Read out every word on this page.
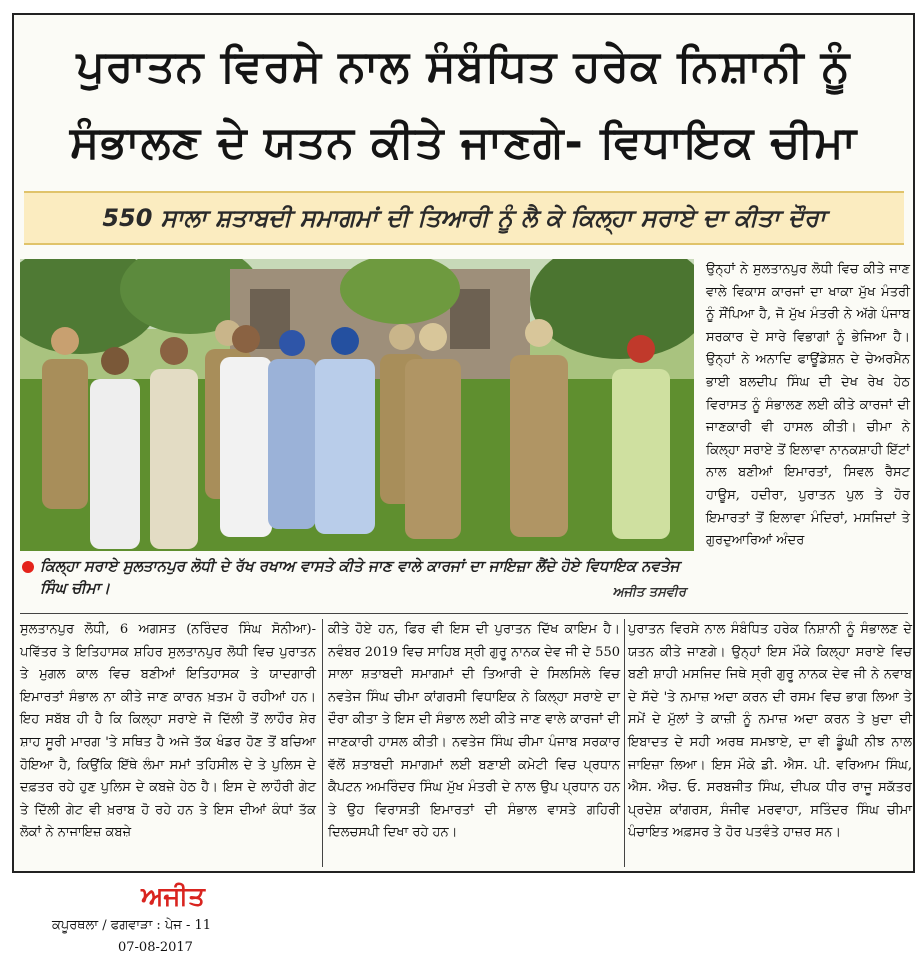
ਪੁਰਾਤਨ ਵਿਰਸੇ ਨਾਲ ਸੰਬੰਧਿਤ ਹਰੇਕ ਨਿਸ਼ਾਨੀ ਨੂੰ
ਸੰਭਾਲਣ ਦੇ ਯਤਨ ਕੀਤੇ ਜਾਣਗੇ- ਵਿਧਾਇਕ ਚੀਮਾ
550 ਸਾਲਾ ਸ਼ਤਾਬਦੀ ਸਮਾਗਮਾਂ ਦੀ ਤਿਆਰੀ ਨੂੰ ਲੈ ਕੇ ਕਿਲ੍ਹਾ ਸਰਾਏ ਦਾ ਕੀਤਾ ਦੌਰਾ
ਕਿਲ੍ਹਾ ਸਰਾਏ ਸੁਲਤਾਨਪੁਰ ਲੋਧੀ ਦੇ ਰੱਖ ਰਖਾਅ ਵਾਸਤੇ ਕੀਤੇ ਜਾਣ ਵਾਲੇ ਕਾਰਜਾਂ ਦਾ ਜਾਇਜ਼ਾ ਲੈਂਦੇ ਹੋਏ ਵਿਧਾਇਕ ਨਵਤੇਜ ਸਿੰਘ ਚੀਮਾ।	ਅਜੀਤ ਤਸਵੀਰ
ਉਨ੍ਹਾਂ ਨੇ ਸੁਲਤਾਨਪੁਰ ਲੋਧੀ ਵਿਚ ਕੀਤੇ ਜਾਣ ਵਾਲੇ ਵਿਕਾਸ ਕਾਰਜਾਂ ਦਾ ਖਾਕਾ ਮੁੱਖ ਮੰਤਰੀ ਨੂੰ ਸੌਂਪਿਆ ਹੈ, ਜੋ ਮੁੱਖ ਮੰਤਰੀ ਨੇ ਅੱਗੇ ਪੰਜਾਬ ਸਰਕਾਰ ਦੇ ਸਾਰੇ ਵਿਭਾਗਾਂ ਨੂੰ ਭੇਜਿਆ ਹੈ। ਉਨ੍ਹਾਂ ਨੇ ਅਨਾਦਿ ਫਾਊਂਡੇਸ਼ਨ ਦੇ ਚੇਅਰਮੈਨ ਭਾਈ ਬਲਦੀਪ ਸਿੰਘ ਦੀ ਦੇਖ ਰੇਖ ਹੇਠ ਵਿਰਾਸਤ ਨੂੰ ਸੰਭਾਲਣ ਲਈ ਕੀਤੇ ਕਾਰਜਾਂ ਦੀ ਜਾਣਕਾਰੀ ਵੀ ਹਾਸਲ ਕੀਤੀ। ਚੀਮਾ ਨੇ ਕਿਲ੍ਹਾ ਸਰਾਏ ਤੋਂ ਇਲਾਵਾ ਨਾਨਕਸ਼ਾਹੀ ਇੱਟਾਂ ਨਾਲ ਬਣੀਆਂ ਇਮਾਰਤਾਂ, ਸਿਵਲ ਰੈਸਟ ਹਾਊਸ, ਹਦੀਰਾ, ਪੁਰਾਤਨ ਪੁਲ ਤੇ ਹੋਰ ਇਮਾਰਤਾਂ ਤੋਂ ਇਲਾਵਾ ਮੰਦਿਰਾਂ, ਮਸਜਿਦਾਂ ਤੇ ਗੁਰਦੁਆਰਿਆਂ ਅੰਦਰ
ਸੁਲਤਾਨਪੁਰ ਲੋਧੀ, 6 ਅਗਸਤ (ਨਰਿੰਦਰ ਸਿੰਘ ਸੋਨੀਆ)- ਪਵਿੱਤਰ ਤੇ ਇਤਿਹਾਸਕ ਸ਼ਹਿਰ ਸੁਲਤਾਨਪੁਰ ਲੋਧੀ ਵਿਚ ਪੁਰਾਤਨ ਤੇ ਮੁਗਲ ਕਾਲ ਵਿਚ ਬਣੀਆਂ ਇਤਿਹਾਸਕ ਤੇ ਯਾਦਗਾਰੀ ਇਮਾਰਤਾਂ ਸੰਭਾਲ ਨਾ ਕੀਤੇ ਜਾਣ ਕਾਰਨ ਖ਼ਤਮ ਹੋ ਰਹੀਆਂ ਹਨ। ਇਹ ਸਬੱਬ ਹੀ ਹੈ ਕਿ ਕਿਲ੍ਹਾ ਸਰਾਏ ਜੋ ਦਿੱਲੀ ਤੋਂ ਲਾਹੌਰ ਸ਼ੇਰ ਸ਼ਾਹ ਸੂਰੀ ਮਾਰਗ 'ਤੇ ਸਥਿਤ ਹੈ ਅਜੇ ਤੱਕ ਖੰਡਰ ਹੋਣ ਤੋਂ ਬਚਿਆ ਹੋਇਆ ਹੈ, ਕਿਉਂਕਿ ਇੱਥੇ ਲੰਮਾ ਸਮਾਂ ਤਹਿਸੀਲ ਦੇ ਤੇ ਪੁਲਿਸ ਦੇ ਦਫ਼ਤਰ ਰਹੇ ਹੁਣ ਪੁਲਿਸ ਦੇ ਕਬਜ਼ੇ ਹੇਠ ਹੈ। ਇਸ ਦੇ ਲਾਹੌਰੀ ਗੇਟ ਤੇ ਦਿੱਲੀ ਗੇਟ ਵੀ ਖ਼ਰਾਬ ਹੋ ਰਹੇ ਹਨ ਤੇ ਇਸ ਦੀਆਂ ਕੰਧਾਂ ਤੱਕ ਲੋਕਾਂ ਨੇ ਨਾਜਾਇਜ਼ ਕਬਜ਼ੇ
ਕੀਤੇ ਹੋਏ ਹਨ, ਫਿਰ ਵੀ ਇਸ ਦੀ ਪੁਰਾਤਨ ਦਿੱਖ ਕਾਇਮ ਹੈ। ਨਵੰਬਰ 2019 ਵਿਚ ਸਾਹਿਬ ਸ੍ਰੀ ਗੁਰੂ ਨਾਨਕ ਦੇਵ ਜੀ ਦੇ 550 ਸਾਲਾ ਸ਼ਤਾਬਦੀ ਸਮਾਗਮਾਂ ਦੀ ਤਿਆਰੀ ਦੇ ਸਿਲਸਿਲੇ ਵਿਚ ਨਵਤੇਜ ਸਿੰਘ ਚੀਮਾ ਕਾਂਗਰਸੀ ਵਿਧਾਇਕ ਨੇ ਕਿਲ੍ਹਾ ਸਰਾਏ ਦਾ ਦੌਰਾ ਕੀਤਾ ਤੇ ਇਸ ਦੀ ਸੰਭਾਲ ਲਈ ਕੀਤੇ ਜਾਣ ਵਾਲੇ ਕਾਰਜਾਂ ਦੀ ਜਾਣਕਾਰੀ ਹਾਸਲ ਕੀਤੀ। ਨਵਤੇਜ ਸਿੰਘ ਚੀਮਾ ਪੰਜਾਬ ਸਰਕਾਰ ਵੱਲੋਂ ਸ਼ਤਾਬਦੀ ਸਮਾਗਮਾਂ ਲਈ ਬਣਾਈ ਕਮੇਟੀ ਵਿਚ ਪ੍ਰਧਾਨ ਕੈਪਟਨ ਅਮਰਿੰਦਰ ਸਿੰਘ ਮੁੱਖ ਮੰਤਰੀ ਦੇ ਨਾਲ ਉਪ ਪ੍ਰਧਾਨ ਹਨ ਤੇ ਉਹ ਵਿਰਾਸਤੀ ਇਮਾਰਤਾਂ ਦੀ ਸੰਭਾਲ ਵਾਸਤੇ ਗਹਿਰੀ ਦਿਲਚਸਪੀ ਦਿਖਾ ਰਹੇ ਹਨ।
ਪੁਰਾਤਨ ਵਿਰਸੇ ਨਾਲ ਸੰਬੰਧਿਤ ਹਰੇਕ ਨਿਸ਼ਾਨੀ ਨੂੰ ਸੰਭਾਲਣ ਦੇ ਯਤਨ ਕੀਤੇ ਜਾਣਗੇ। ਉਨ੍ਹਾਂ ਇਸ ਮੌਕੇ ਕਿਲ੍ਹਾ ਸਰਾਏ ਵਿਚ ਬਣੀ ਸ਼ਾਹੀ ਮਸਜਿਦ ਜਿਥੇ ਸ੍ਰੀ ਗੁਰੂ ਨਾਨਕ ਦੇਵ ਜੀ ਨੇ ਨਵਾਬ ਦੇ ਸੱਦੇ 'ਤੇ ਨਮਾਜ਼ ਅਦਾ ਕਰਨ ਦੀ ਰਸਮ ਵਿਚ ਭਾਗ ਲਿਆ ਤੇ ਸਮੇਂ ਦੇ ਮੁੱਲਾਂ ਤੇ ਕਾਜ਼ੀ ਨੂੰ ਨਮਾਜ਼ ਅਦਾ ਕਰਨ ਤੇ ਖ਼ੁਦਾ ਦੀ ਇਬਾਦਤ ਦੇ ਸਹੀ ਅਰਥ ਸਮਝਾਏ, ਦਾ ਵੀ ਡੂੰਘੀ ਨੀਝ ਨਾਲ ਜਾਇਜ਼ਾ ਲਿਆ। ਇਸ ਮੌਕੇ ਡੀ. ਐਸ. ਪੀ. ਵਰਿਆਮ ਸਿੰਘ, ਐਸ. ਐਚ. ਓ. ਸਰਬਜੀਤ ਸਿੰਘ, ਦੀਪਕ ਧੀਰ ਰਾਜੂ ਸਕੱਤਰ ਪ੍ਰਦੇਸ਼ ਕਾਂਗਰਸ, ਸੰਜੀਵ ਮਰਵਾਹਾ, ਸਤਿੰਦਰ ਸਿੰਘ ਚੀਮਾ ਪੰਚਾਇਤ ਅਫ਼ਸਰ ਤੇ ਹੋਰ ਪਤਵੰਤੇ ਹਾਜ਼ਰ ਸਨ।
ਅਜੀਤ
ਕਪੂਰਥਲਾ / ਫਗਵਾੜਾ : ਪੇਜ - 11
07-08-2017
